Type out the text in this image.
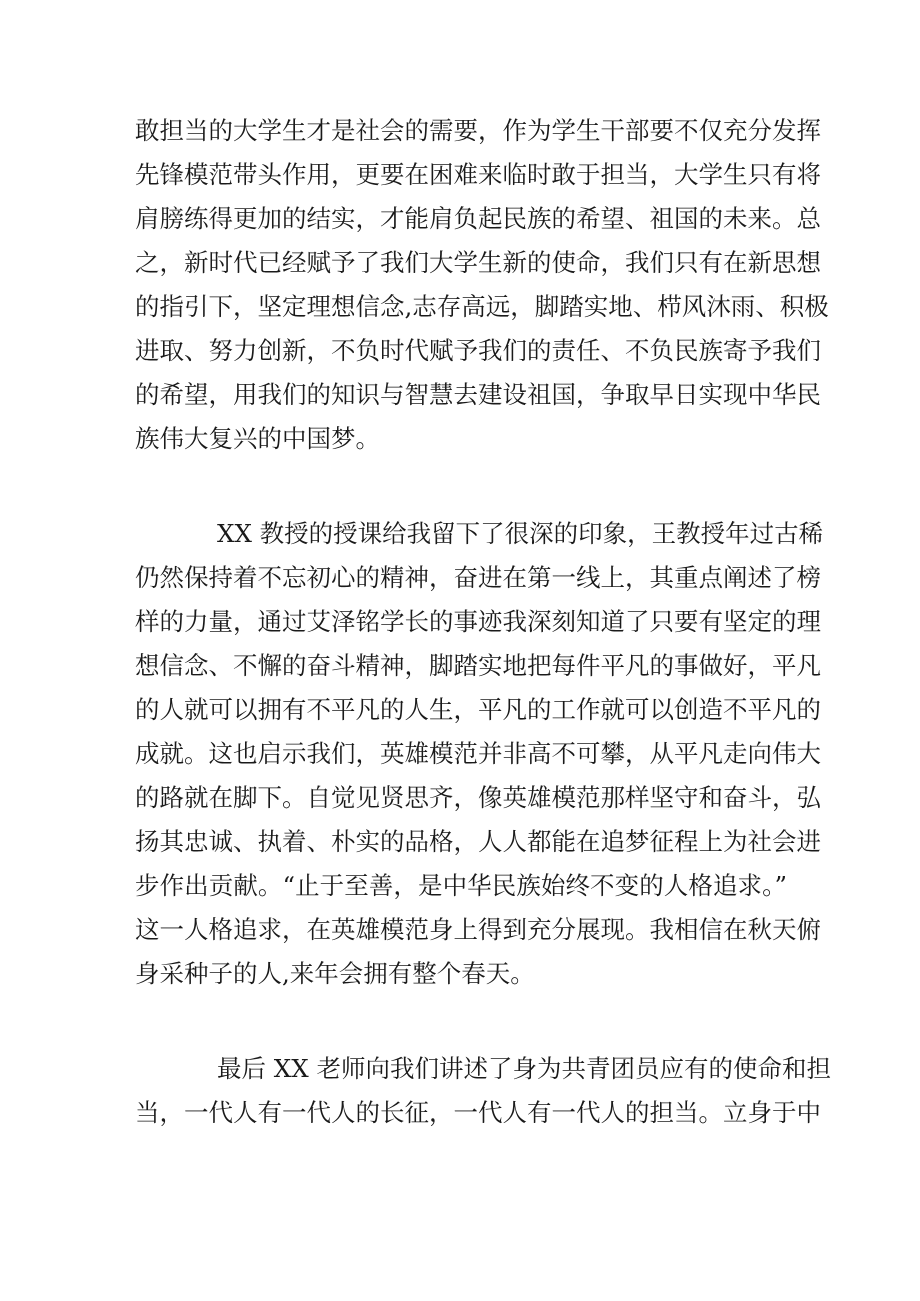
敢担当的大学生才是社会的需要，作为学生干部要不仅充分发挥
先锋模范带头作用，更要在困难来临时敢于担当，大学生只有将
肩膀练得更加的结实，才能肩负起民族的希望、祖国的未来。总
之，新时代已经赋予了我们大学生新的使命，我们只有在新思想
的指引下，坚定理想信念,志存高远，脚踏实地、栉风沐雨、积极
进取、努力创新，不负时代赋予我们的责任、不负民族寄予我们
的希望，用我们的知识与智慧去建设祖国，争取早日实现中华民
族伟大复兴的中国梦。
XX 教授的授课给我留下了很深的印象，王教授年过古稀
仍然保持着不忘初心的精神，奋进在第一线上，其重点阐述了榜
样的力量，通过艾泽铭学长的事迹我深刻知道了只要有坚定的理
想信念、不懈的奋斗精神，脚踏实地把每件平凡的事做好，平凡
的人就可以拥有不平凡的人生，平凡的工作就可以创造不平凡的
成就。这也启示我们，英雄模范并非高不可攀，从平凡走向伟大
的路就在脚下。自觉见贤思齐，像英雄模范那样坚守和奋斗，弘
扬其忠诚、执着、朴实的品格，人人都能在追梦征程上为社会进
步作出贡献。“止于至善，是中华民族始终不变的人格追求。”
这一人格追求，在英雄模范身上得到充分展现。我相信在秋天俯
身采种子的人,来年会拥有整个春天。
最后 XX 老师向我们讲述了身为共青团员应有的使命和担
当，一代人有一代人的长征，一代人有一代人的担当。立身于中
